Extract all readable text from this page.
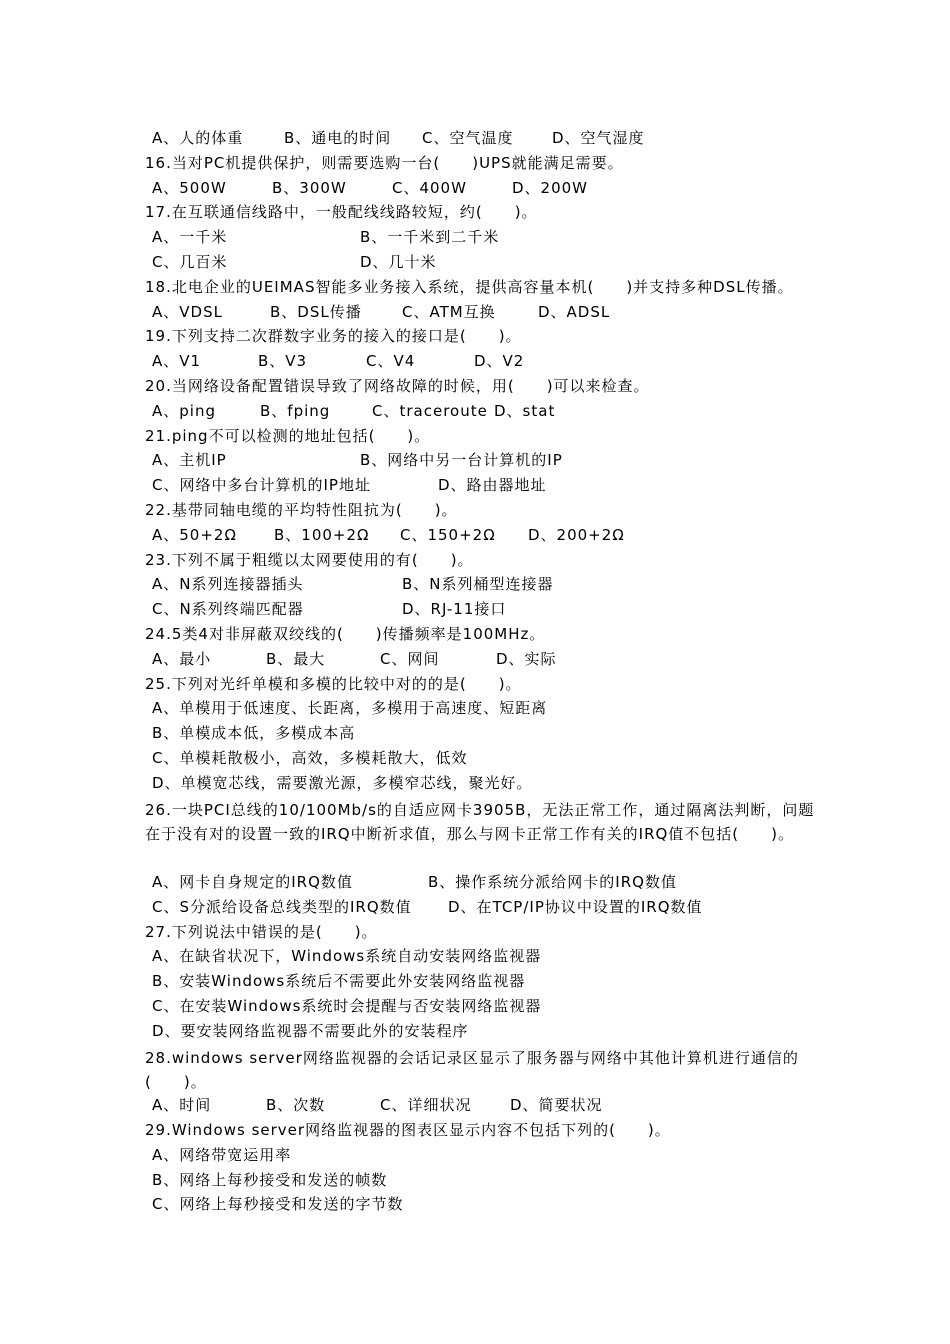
A、人的体重	B、通电的时间 C、空气温度	D、空气湿度
16.当对PC机提供保护，则需要选购一台(　　)UPS就能满足需要。
A、500W	B、300W	C、400W	D、200W
17.在互联通信线路中，一般配线线路较短，约(　　)。
A、一千米	B、一千米到二千米
C、几百米	D、几十米
18.北电企业的UEIMAS智能多业务接入系统，提供高容量本机(　　)并支持多种DSL传播。
A、VDSL	B、DSL传播	C、ATM互换	D、ADSL
19.下列支持二次群数字业务的接入的接口是(　　)。
A、V1	B、V3	C、V4	D、V2
20.当网络设备配置错误导致了网络故障的时候，用(　　)可以来检查。
A、ping	B、fping	C、traceroute D、stat
21.ping不可以检测的地址包括(　　)。
A、主机IP	B、网络中另一台计算机的IP
C、网络中多台计算机的IP地址	D、路由器地址
22.基带同轴电缆的平均特性阻抗为(　　)。
A、50+2Ω B、100+2Ω C、150+2Ω D、200+2Ω
23.下列不属于粗缆以太网要使用的有(　　)。
A、N系列连接器插头	B、N系列桶型连接器
C、N系列终端匹配器	D、RJ-11接口
24.5类4对非屏蔽双绞线的(　　)传播频率是100MHz。
A、最小	B、最大	C、网间	D、实际
25.下列对光纤单模和多模的比较中对的的是(　　)。
A、单模用于低速度、长距离，多模用于高速度、短距离
B、单模成本低，多模成本高
C、单模耗散极小，高效，多模耗散大，低效
D、单模宽芯线，需要激光源，多模窄芯线，聚光好。
26.一块PCI总线的10/100Mb/s的自适应网卡3905B，无法正常工作，通过隔离法判断，问题在于没有对的设置一致的IRQ中断祈求值，那么与网卡正常工作有关的IRQ值不包括(　　)。
A、网卡自身规定的IRQ数值	B、操作系统分派给网卡的IRQ数值
C、S分派给设备总线类型的IRQ数值 D、在TCP/IP协议中设置的IRQ数值
27.下列说法中错误的是(　　)。
A、在缺省状况下，Windows系统自动安装网络监视器
B、安装Windows系统后不需要此外安装网络监视器
C、在安装Windows系统时会提醒与否安装网络监视器
D、要安装网络监视器不需要此外的安装程序
28.windows server网络监视器的会话记录区显示了服务器与网络中其他计算机进行通信的(　　)。
A、时间	B、次数	C、详细状况	D、简要状况
29.Windows server网络监视器的图表区显示内容不包括下列的(　　)。
A、网络带宽运用率
B、网络上每秒接受和发送的帧数
C、网络上每秒接受和发送的字节数
